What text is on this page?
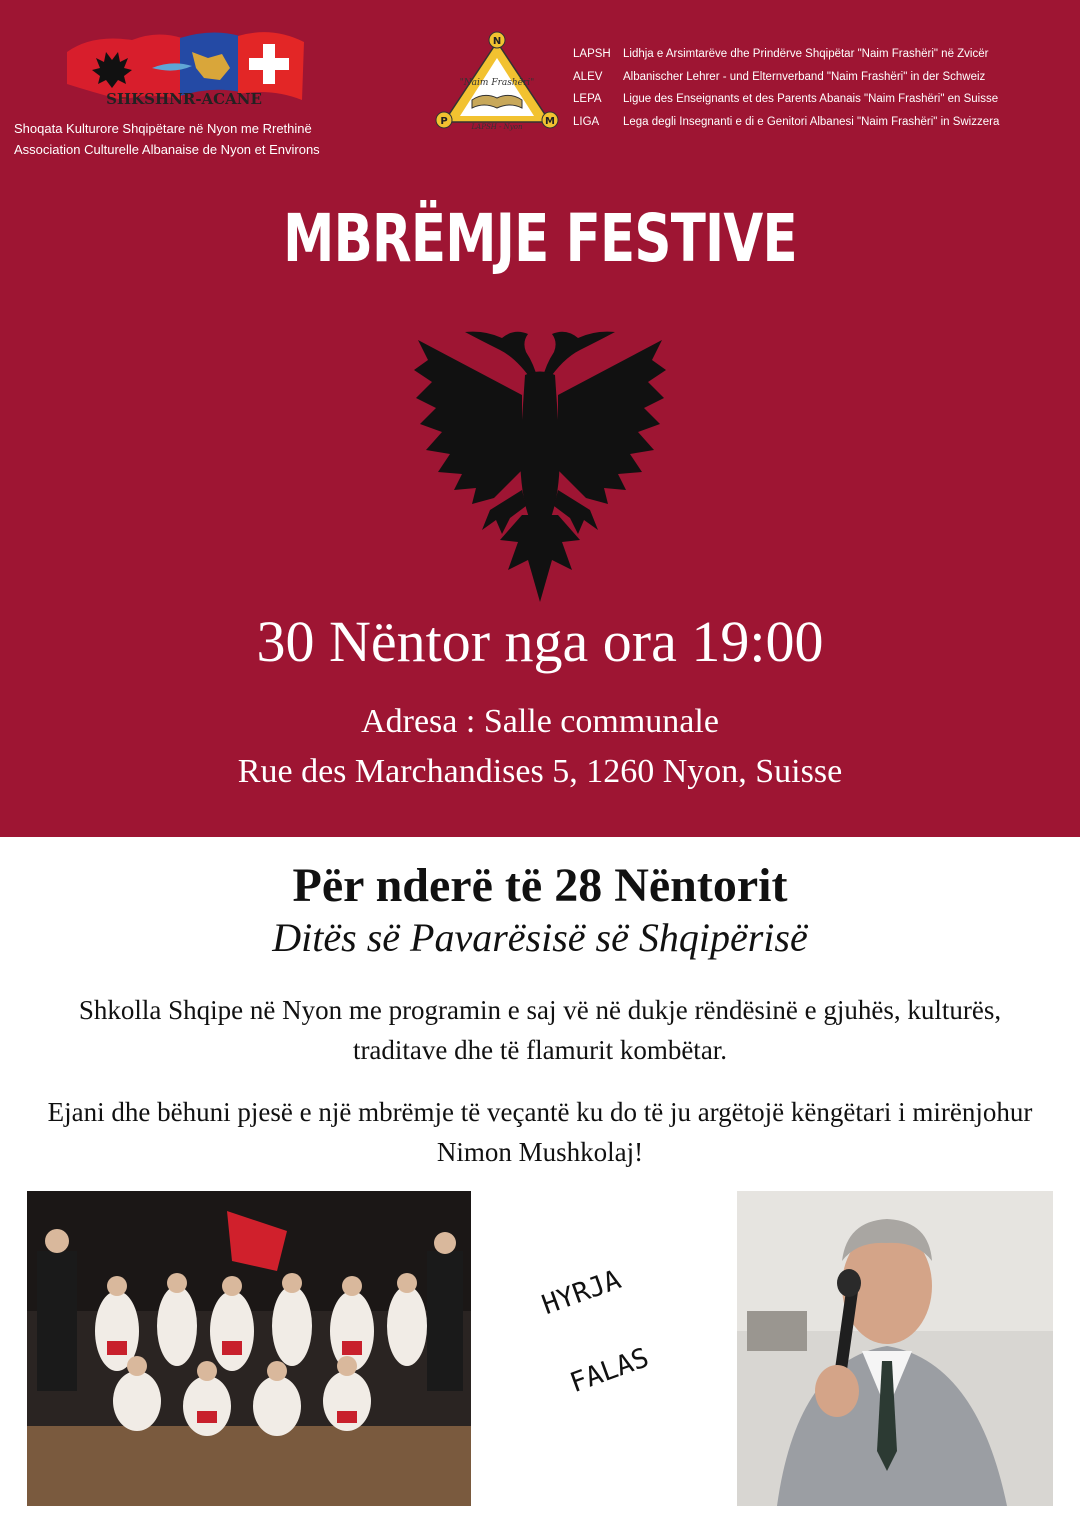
SHKSHNR-ACANE
Shoqata Kulturore Shqipëtare në Nyon me Rrethinë
Association Culturelle Albanaise de Nyon et Environs
"Naim Frashëri"
LAPSH - Nyon
N
P	M
LAPSH	Lidhja e Arsimtarëve dhe Prindërve Shqipëtar "Naim Frashëri" në Zvicër
ALEV	Albanischer Lehrer - und Elternverband "Naim Frashëri" in der Schweiz
LEPA	Ligue des Enseignants et des Parents Abanais "Naim Frashëri" en Suisse
LIGA	Lega degli Insegnanti e di e Genitori Albanesi "Naim Frashëri" in Swizzera
MBRËMJE FESTIVE
30 Nëntor nga ora 19:00
Adresa : Salle communale
Rue des Marchandises 5, 1260 Nyon, Suisse
Për nderë të 28 Nëntorit
Ditës së Pavarësisë së Shqipërisë
Shkolla Shqipe në Nyon me programin e saj vë në dukje rëndësinë e gjuhës, kulturës, traditave dhe të flamurit kombëtar.
Ejani dhe bëhuni pjesë e një mbrëmje të veçantë ku do të ju argëtojë këngëtari i mirënjohur Nimon Mushkolaj!
HYRJA
FALAS
